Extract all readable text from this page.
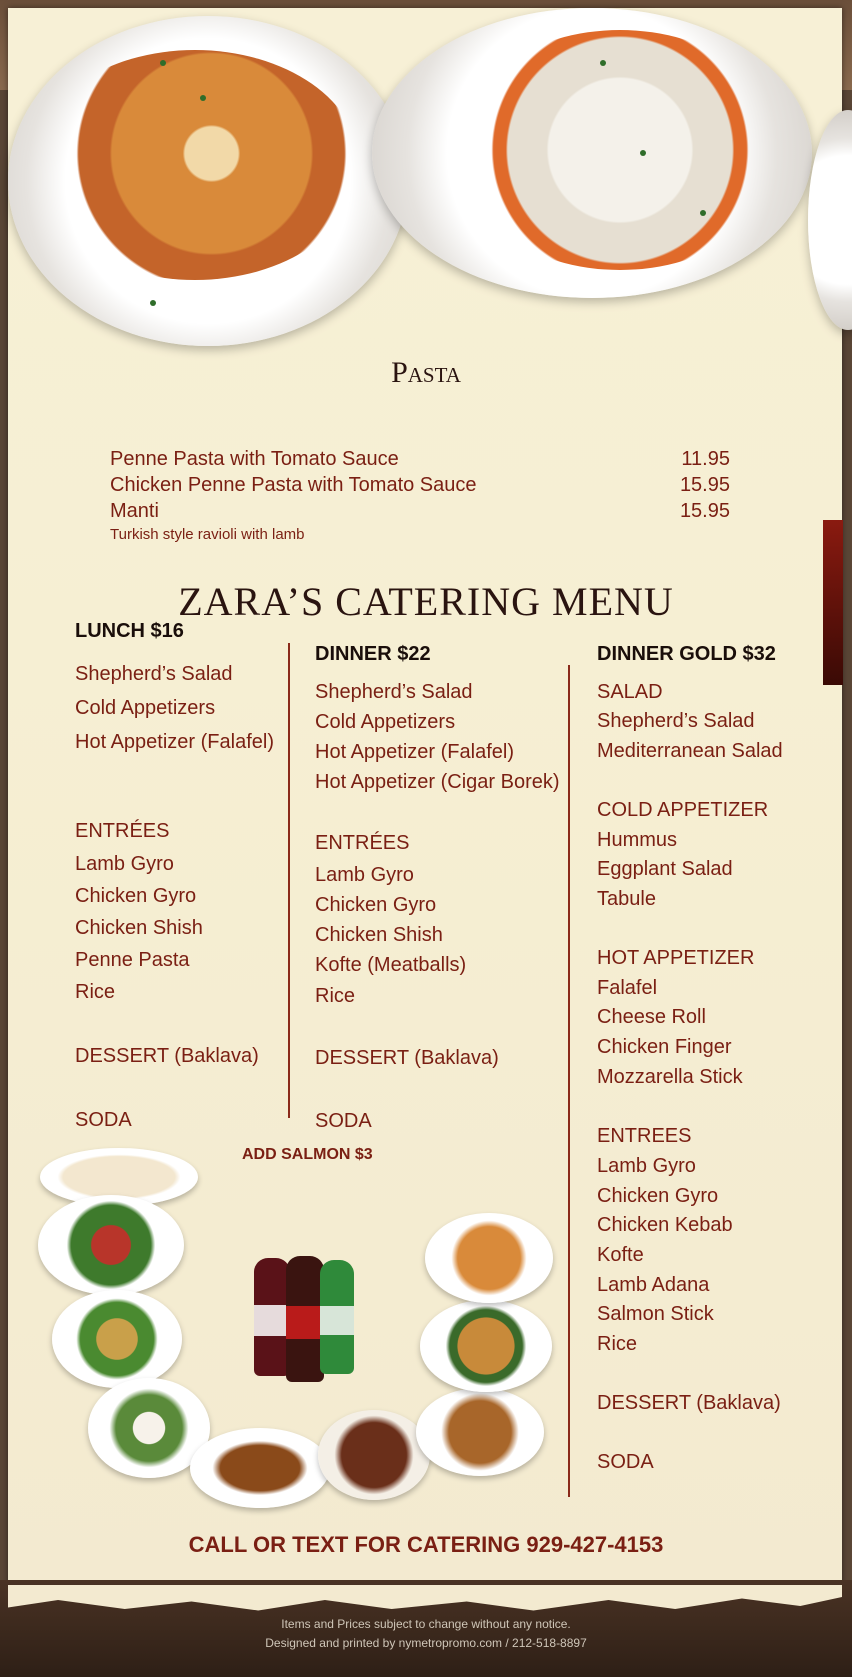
Pasta
Penne Pasta with Tomato Sauce	11.95
Chicken Penne Pasta with Tomato Sauce	15.95
Manti	15.95
Turkish style ravioli with lamb
ZARA’S CATERING MENU
LUNCH $16
Shepherd’s Salad
Cold Appetizers
Hot Appetizer (Falafel)
ENTRÉES
Lamb Gyro
Chicken Gyro
Chicken Shish
Penne Pasta
Rice
DESSERT (Baklava)
SODA
DINNER $22
Shepherd’s Salad
Cold Appetizers
Hot Appetizer (Falafel)
Hot Appetizer (Cigar Borek)
ENTRÉES
Lamb Gyro
Chicken Gyro
Chicken Shish
Kofte (Meatballs)
Rice
DESSERT (Baklava)
SODA
DINNER GOLD $32
SALAD
Shepherd’s Salad
Mediterranean Salad
COLD APPETIZER
Hummus
Eggplant Salad
Tabule
HOT APPETIZER
Falafel
Cheese Roll
Chicken Finger
Mozzarella Stick
ENTREES
Lamb Gyro
Chicken Gyro
Chicken Kebab
Kofte
Lamb Adana
Salmon Stick
Rice
DESSERT (Baklava)
SODA
ADD SALMON $3
CALL OR TEXT FOR CATERING 929-427-4153
Items and Prices subject to change without any notice.
Designed and printed by nymetropromo.com / 212-518-8897
